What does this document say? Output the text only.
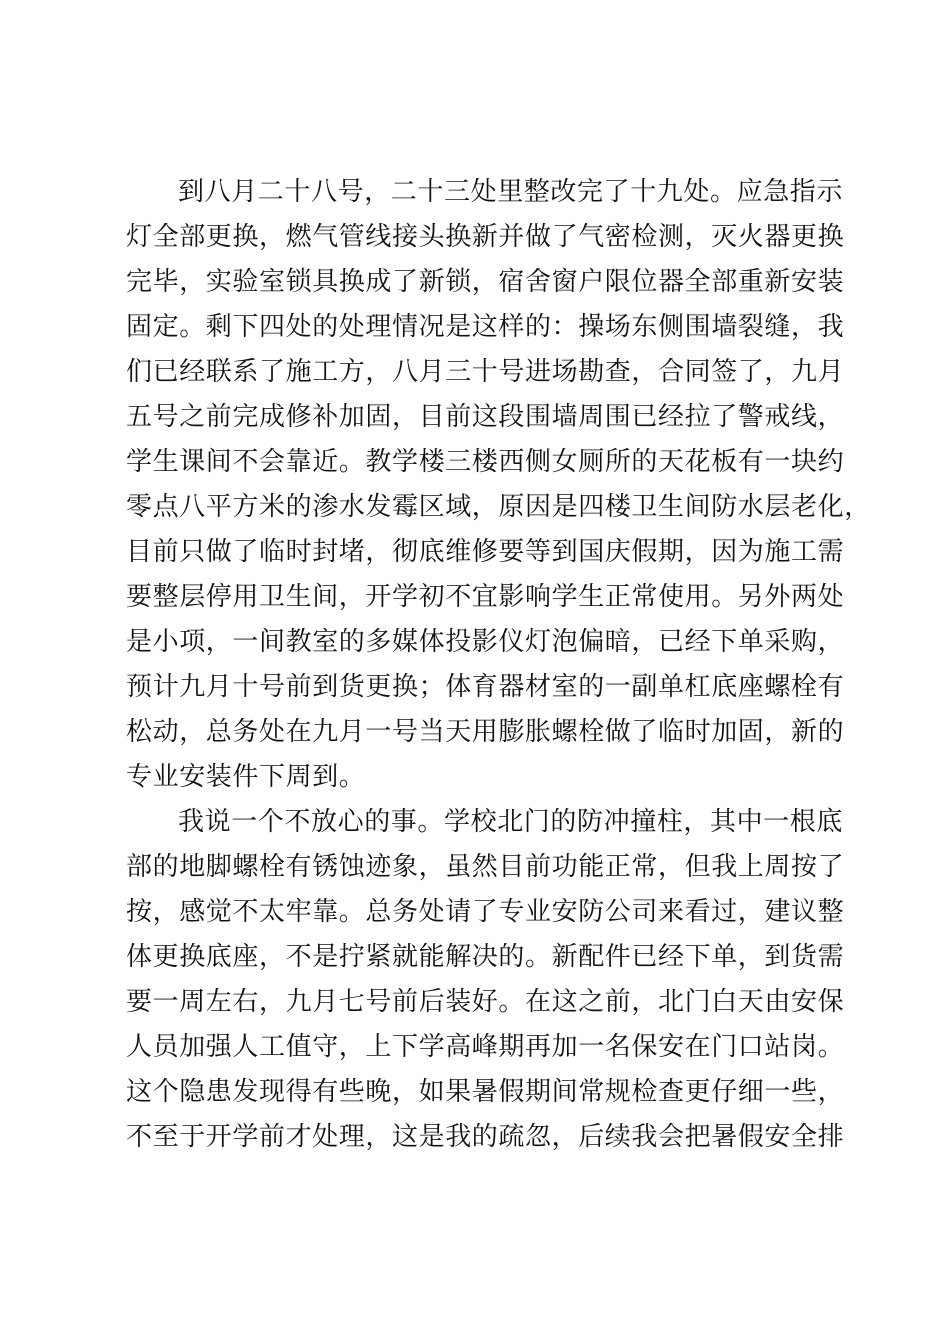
到八月二十八号，二十三处里整改完了十九处。应急指示
灯全部更换，燃气管线接头换新并做了气密检测，灭火器更换
完毕，实验室锁具换成了新锁，宿舍窗户限位器全部重新安装
固定。剩下四处的处理情况是这样的：操场东侧围墙裂缝，我
们已经联系了施工方，八月三十号进场勘查，合同签了，九月
五号之前完成修补加固，目前这段围墙周围已经拉了警戒线，
学生课间不会靠近。教学楼三楼西侧女厕所的天花板有一块约
零点八平方米的渗水发霉区域，原因是四楼卫生间防水层老化，
目前只做了临时封堵，彻底维修要等到国庆假期，因为施工需
要整层停用卫生间，开学初不宜影响学生正常使用。另外两处
是小项，一间教室的多媒体投影仪灯泡偏暗，已经下单采购，
预计九月十号前到货更换；体育器材室的一副单杠底座螺栓有
松动，总务处在九月一号当天用膨胀螺栓做了临时加固，新的
专业安装件下周到。
我说一个不放心的事。学校北门的防冲撞柱，其中一根底
部的地脚螺栓有锈蚀迹象，虽然目前功能正常，但我上周按了
按，感觉不太牢靠。总务处请了专业安防公司来看过，建议整
体更换底座，不是拧紧就能解决的。新配件已经下单，到货需
要一周左右，九月七号前后装好。在这之前，北门白天由安保
人员加强人工值守，上下学高峰期再加一名保安在门口站岗。
这个隐患发现得有些晚，如果暑假期间常规检查更仔细一些，
不至于开学前才处理，这是我的疏忽，后续我会把暑假安全排
